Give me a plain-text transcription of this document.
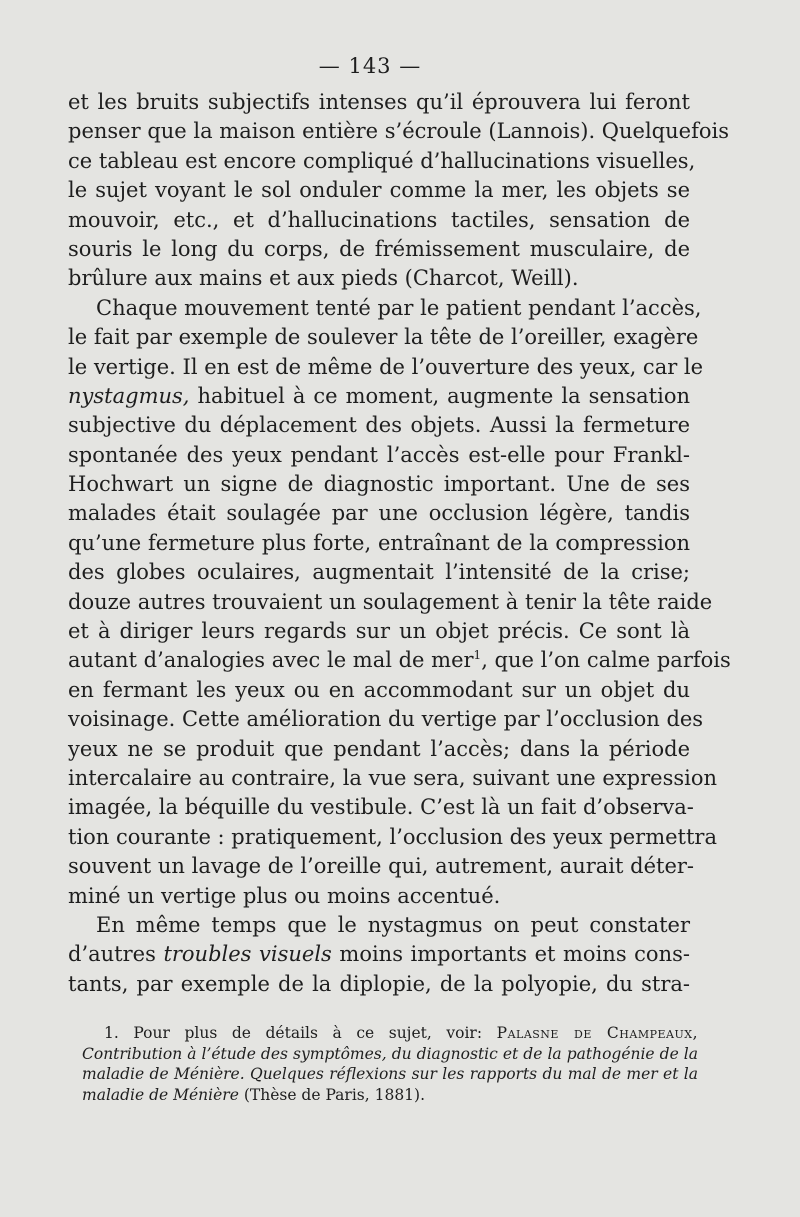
— 143 —
et les bruits subjectifs intenses qu’il éprouvera lui feront
penser que la maison entière s’écroule (Lannois). Quelquefois
ce tableau est encore compliqué d’hallucinations visuelles,
le sujet voyant le sol onduler comme la mer, les objets se
mouvoir, etc., et d’hallucinations tactiles, sensation de
souris le long du corps, de frémissement musculaire, de
brûlure aux mains et aux pieds (Charcot, Weill).
Chaque mouvement tenté par le patient pendant l’accès,
le fait par exemple de soulever la tête de l’oreiller, exagère
le vertige. Il en est de même de l’ouverture des yeux, car le
nystagmus, habituel à ce moment, augmente la sensation
subjective du déplacement des objets. Aussi la fermeture
spontanée des yeux pendant l’accès est-elle pour Frankl-
Hochwart un signe de diagnostic important. Une de ses
malades était soulagée par une occlusion légère, tandis
qu’une fermeture plus forte, entraînant de la compression
des globes oculaires, augmentait l’intensité de la crise;
douze autres trouvaient un soulagement à tenir la tête raide
et à diriger leurs regards sur un objet précis. Ce sont là
autant d’analogies avec le mal de mer$^1$, que l’on calme parfois
en fermant les yeux ou en accommodant sur un objet du
voisinage. Cette amélioration du vertige par l’occlusion des
yeux ne se produit que pendant l’accès; dans la période
intercalaire au contraire, la vue sera, suivant une expression
imagée, la béquille du vestibule. C’est là un fait d’observa-
tion courante : pratiquement, l’occlusion des yeux permettra
souvent un lavage de l’oreille qui, autrement, aurait déter-
miné un vertige plus ou moins accentué.
En même temps que le nystagmus on peut constater
d’autres troubles visuels moins importants et moins cons-
tants, par exemple de la diplopie, de la polyopie, du stra-
1. Pour plus de détails à ce sujet, voir: Palasne de Champeaux,
Contribution à l’étude des symptômes, du diagnostic et de la pathogénie de la
maladie de Ménière. Quelques réflexions sur les rapports du mal de mer et la
maladie de Ménière (Thèse de Paris, 1881).
